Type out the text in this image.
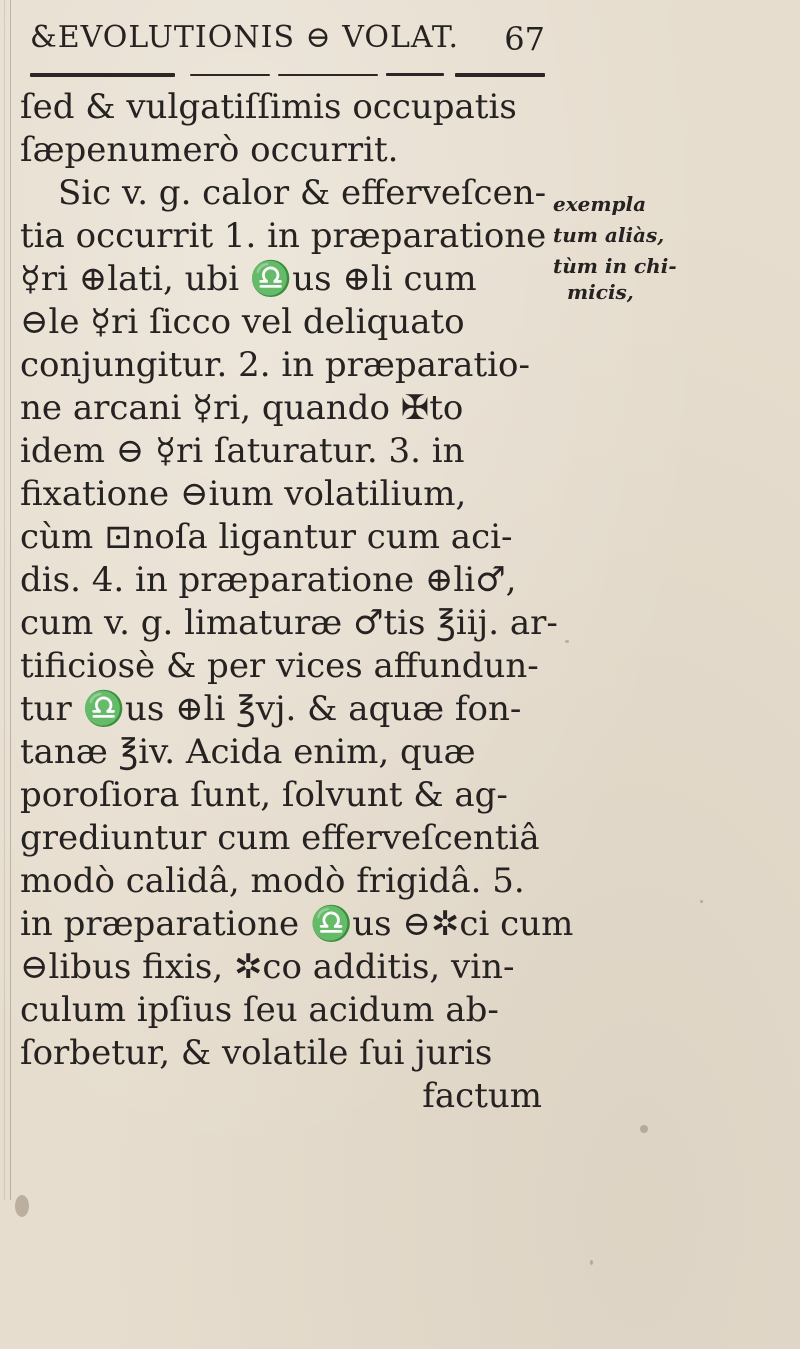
&EVOLUTIONIS ⊖ VOLAT. 67
ſed & vulgatiſſimis occupatis
ſæpenumerò occurrit.
Sic v. g. calor & efferveſcen-
tia occurrit 1. in præparatione
☿ri ⊕lati, ubi ♎us ⊕li cum
⊖le ☿ri ſicco vel deliquato
conjungitur. 2. in præparatio-
ne arcani ☿ri, quando ✠to
idem ⊖ ☿ri ſaturatur. 3. in
fixatione ⊖ium volatilium,
cùm ⊡noſa ligantur cum aci-
dis. 4. in præparatione ⊕li♂,
cum v. g. limaturæ ♂tis ℥iij. ar-
tificiosè & per vices affundun-
tur ♎us ⊕li ℥vj. & aquæ fon-
tanæ ℥iv. Acida enim, quæ
poroſiora ſunt, ſolvunt & ag-
grediuntur cum efferveſcentiâ
modò calidâ, modò frigidâ. 5.
in præparatione ♎us ⊖✲ci cum
⊖libus fixis, ✲co additis, vin-
culum ipſius ſeu acidum ab-
ſorbetur, & volatile ſui juris
factum
exempla
tum aliàs,
tùm in chi-
micis,
